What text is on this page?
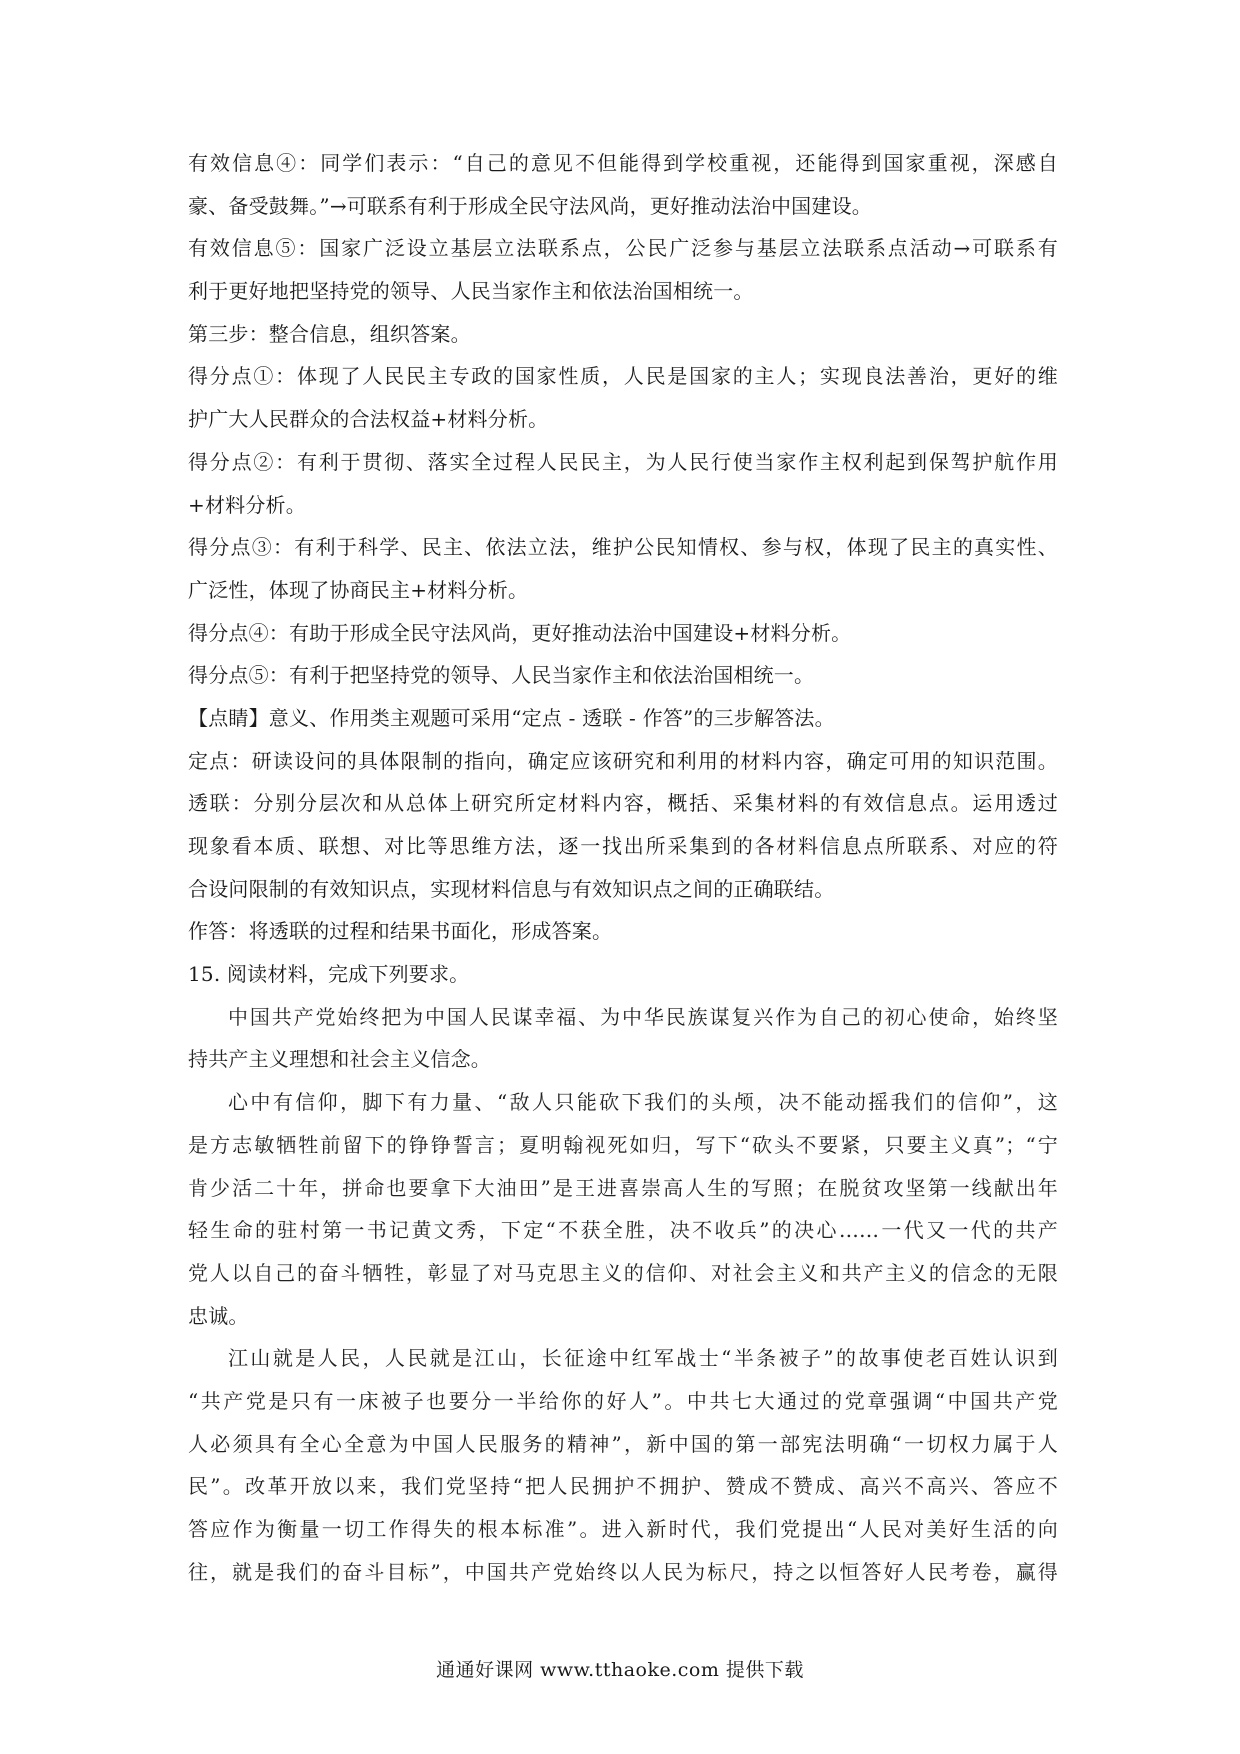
有效信息④：同学们表示：“自己的意见不但能得到学校重视，还能得到国家重视，深感自
豪、备受鼓舞。”→可联系有利于形成全民守法风尚，更好推动法治中国建设。
有效信息⑤：国家广泛设立基层立法联系点，公民广泛参与基层立法联系点活动→可联系有
利于更好地把坚持党的领导、人民当家作主和依法治国相统一。
第三步：整合信息，组织答案。
得分点①：体现了人民民主专政的国家性质，人民是国家的主人；实现良法善治，更好的维
护广大人民群众的合法权益+材料分析。
得分点②：有利于贯彻、落实全过程人民民主，为人民行使当家作主权利起到保驾护航作用
+材料分析。
得分点③：有利于科学、民主、依法立法，维护公民知情权、参与权，体现了民主的真实性、
广泛性，体现了协商民主+材料分析。
得分点④：有助于形成全民守法风尚，更好推动法治中国建设+材料分析。
得分点⑤：有利于把坚持党的领导、人民当家作主和依法治国相统一。
【点睛】意义、作用类主观题可采用“定点 - 透联 - 作答”的三步解答法。
定点：研读设问的具体限制的指向，确定应该研究和利用的材料内容，确定可用的知识范围。
透联：分别分层次和从总体上研究所定材料内容，概括、采集材料的有效信息点。运用透过
现象看本质、联想、对比等思维方法，逐一找出所采集到的各材料信息点所联系、对应的符
合设问限制的有效知识点，实现材料信息与有效知识点之间的正确联结。
作答：将透联的过程和结果书面化，形成答案。
15. 阅读材料，完成下列要求。
中国共产党始终把为中国人民谋幸福、为中华民族谋复兴作为自己的初心使命，始终坚
持共产主义理想和社会主义信念。
心中有信仰，脚下有力量、“敌人只能砍下我们的头颅，决不能动摇我们的信仰”，这
是方志敏牺牲前留下的铮铮誓言；夏明翰视死如归，写下“砍头不要紧，只要主义真”；“宁
肯少活二十年，拼命也要拿下大油田”是王进喜崇高人生的写照；在脱贫攻坚第一线献出年
轻生命的驻村第一书记黄文秀，下定“不获全胜，决不收兵”的决心……一代又一代的共产
党人以自己的奋斗牺牲，彰显了对马克思主义的信仰、对社会主义和共产主义的信念的无限
忠诚。
江山就是人民，人民就是江山，长征途中红军战士“半条被子”的故事使老百姓认识到
“共产党是只有一床被子也要分一半给你的好人”。中共七大通过的党章强调“中国共产党
人必须具有全心全意为中国人民服务的精神”，新中国的第一部宪法明确“一切权力属于人
民”。改革开放以来，我们党坚持“把人民拥护不拥护、赞成不赞成、高兴不高兴、答应不
答应作为衡量一切工作得失的根本标准”。进入新时代，我们党提出“人民对美好生活的向
往，就是我们的奋斗目标”，中国共产党始终以人民为标尺，持之以恒答好人民考卷，赢得
通通好课网 www.tthaoke.com 提供下载
